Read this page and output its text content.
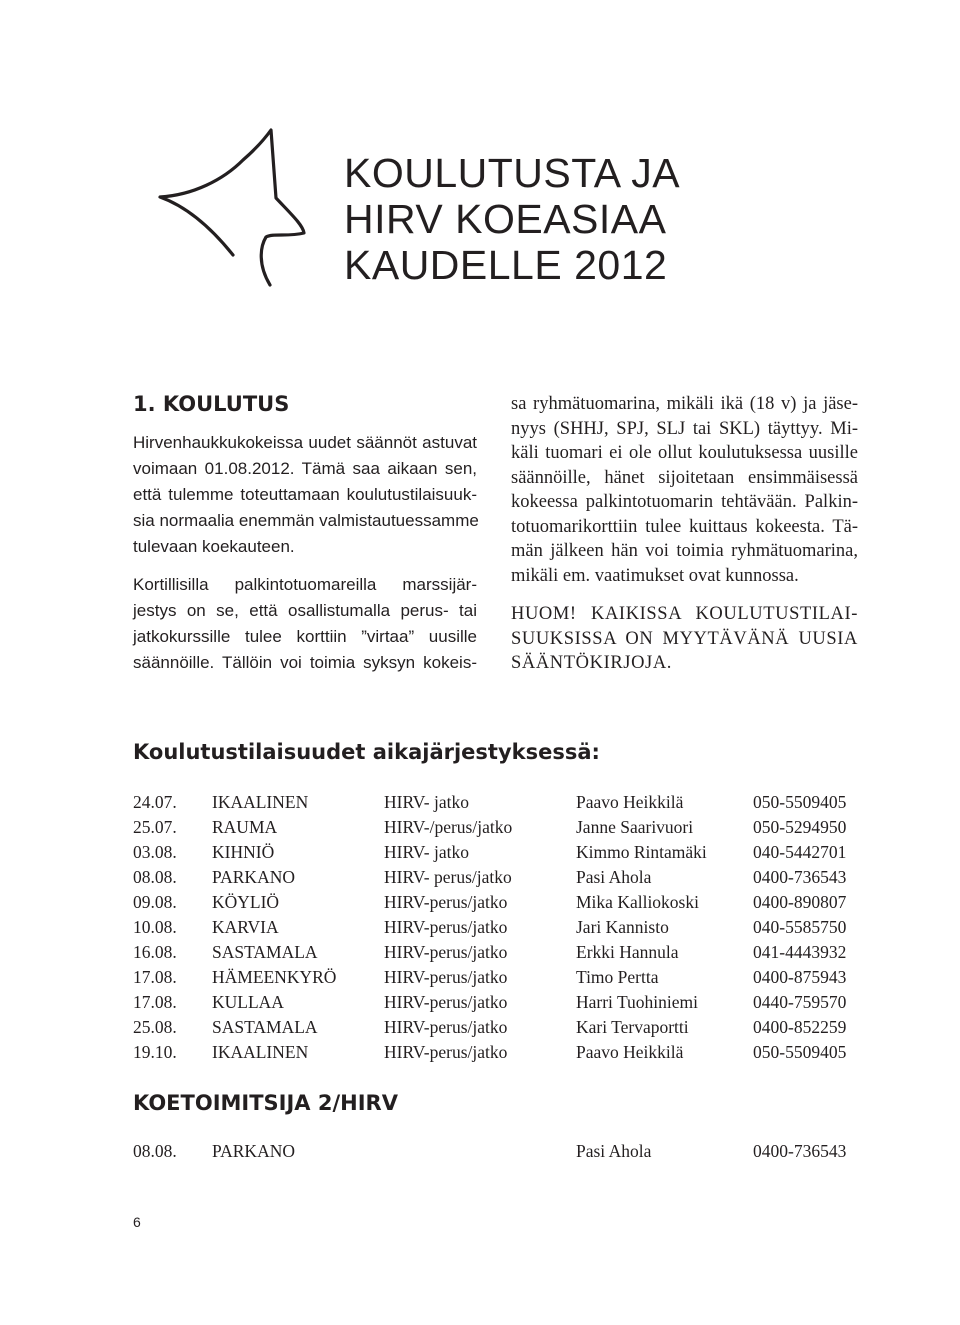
KOULUTUSTA JA
HIRV KOEASIAA
KAUDELLE 2012
1. KOULUTUS
Hirvenhaukkukokeissa uudet säännöt astuvat
voimaan 01.08.2012. Tämä saa aikaan sen,
että tulemme toteuttamaan koulutustilaisuuk-
sia normaalia enemmän valmistautuessamme
tulevaan koekauteen.
Kortillisilla palkintotuomareilla marssijär-
jestys on se, että osallistumalla perus- tai
jatkokurssille tulee korttiin ”virtaa” uusille
säännöille. Tällöin voi toimia syksyn kokeis-
sa ryhmätuomarina, mikäli ikä (18 v) ja jäse-
nyys (SHHJ, SPJ, SLJ tai SKL) täyttyy. Mi-
käli tuomari ei ole ollut koulutuksessa uusille
säännöille, hänet sijoitetaan ensimmäisessä
kokeessa palkintotuomarin tehtävään. Palkin-
totuomarikorttiin tulee kuittaus kokeesta. Tä-
män jälkeen hän voi toimia ryhmätuomarina,
mikäli em. vaatimukset ovat kunnossa.
HUOM! KAIKISSA KOULUTUSTILAI-
SUUKSISSA ON MYYTÄVÄNÄ UUSIA
SÄÄNTÖKIRJOJA.
Koulutustilaisuudet aikajärjestyksessä:
24.07. IKAALINEN	HIRV- jatko	Paavo Heikkilä	050-5509405
25.07. RAUMA	HIRV-/perus/jatko	Janne Saarivuori	050-5294950
03.08. KIHNIÖ	HIRV- jatko	Kimmo Rintamäki	040-5442701
08.08. PARKANO	HIRV- perus/jatko	Pasi Ahola	0400-736543
09.08. KÖYLIÖ	HIRV-perus/jatko	Mika Kalliokoski	0400-890807
10.08. KARVIA	HIRV-perus/jatko	Jari Kannisto	040-5585750
16.08. SASTAMALA	HIRV-perus/jatko	Erkki Hannula	041-4443932
17.08. HÄMEENKYRÖ	HIRV-perus/jatko	Timo Pertta	0400-875943
17.08. KULLAA	HIRV-perus/jatko	Harri Tuohiniemi	0440-759570
25.08. SASTAMALA	HIRV-perus/jatko	Kari Tervaportti	0400-852259
19.10. IKAALINEN	HIRV-perus/jatko	Paavo Heikkilä	050-5509405
KOETOIMITSIJA 2/HIRV
08.08. PARKANO	Pasi Ahola	0400-736543
6
